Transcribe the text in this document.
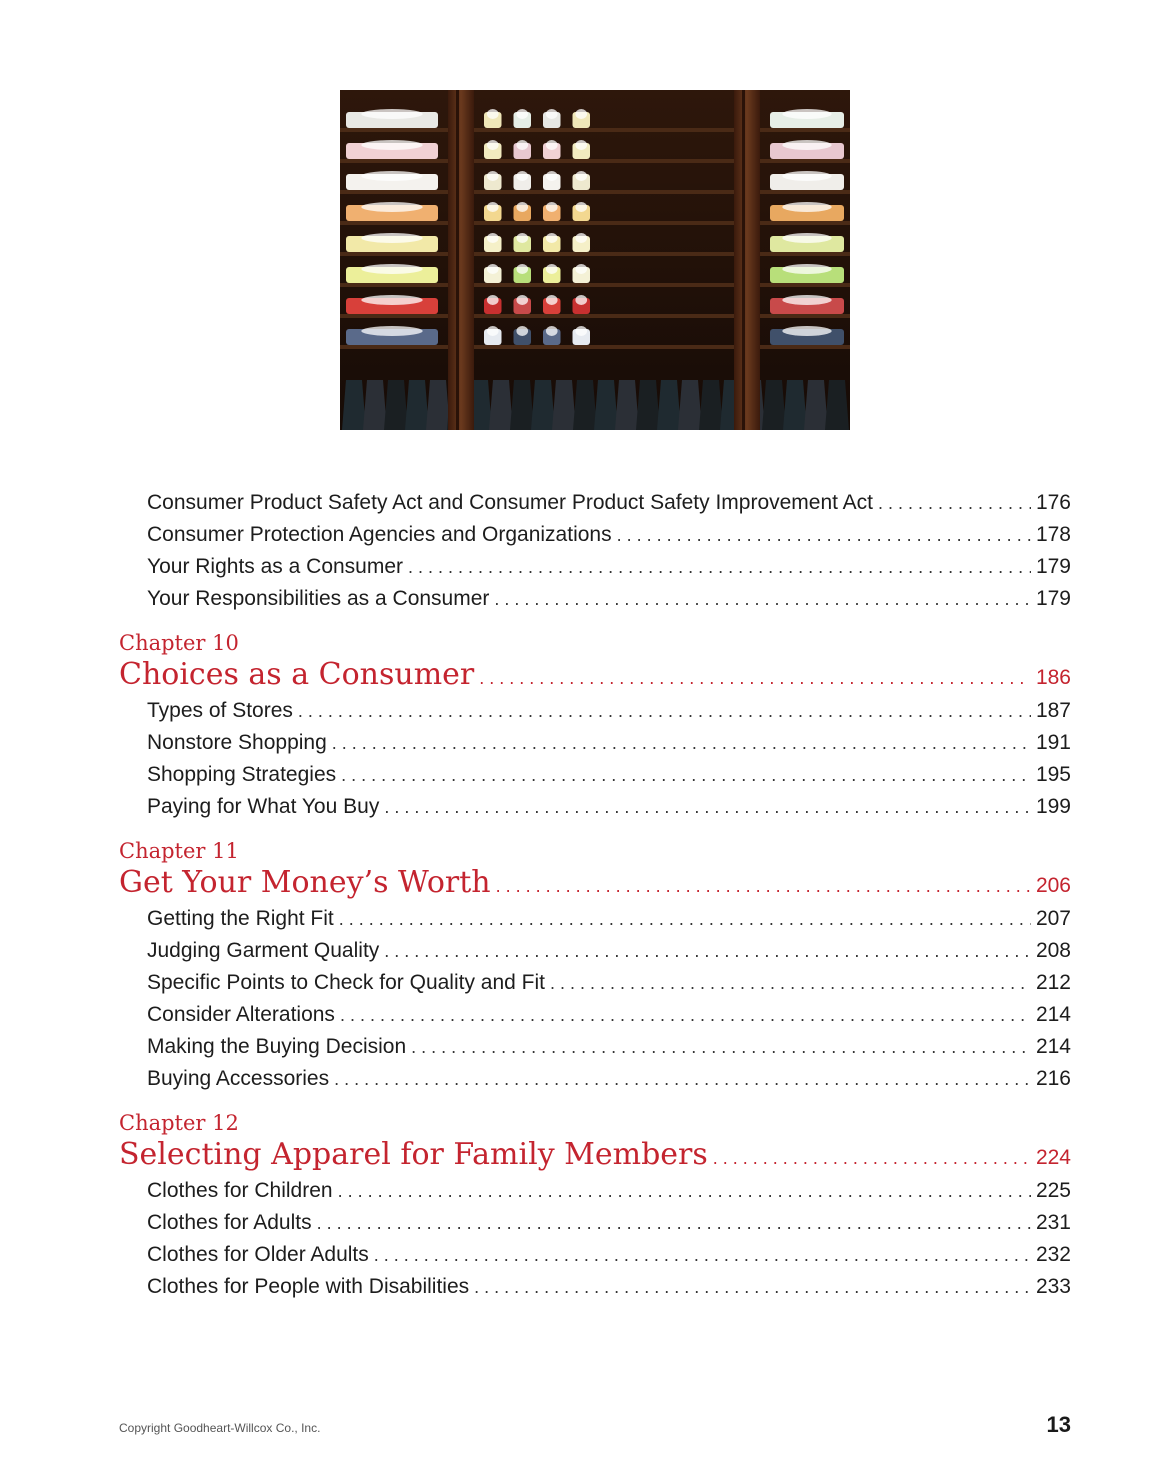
Consumer Product Safety Act and Consumer Product Safety Improvement Act . . .	176
Consumer Protection Agencies and Organizations . . .	178
Your Rights as a Consumer . . .	179
Your Responsibilities as a Consumer . . .	179
Chapter 10
Choices as a Consumer . . .	186
Types of Stores . . .	187
Nonstore Shopping . . .	191
Shopping Strategies . . .	195
Paying for What You Buy . . .	199
Chapter 11
Get Your Money’s Worth . . .	206
Getting the Right Fit . . .	207
Judging Garment Quality . . .	208
Specific Points to Check for Quality and Fit . . .	212
Consider Alterations . . .	214
Making the Buying Decision . . .	214
Buying Accessories . . .	216
Chapter 12
Selecting Apparel for Family Members . . .	224
Clothes for Children . . .	225
Clothes for Adults . . .	231
Clothes for Older Adults . . .	232
Clothes for People with Disabilities . . .	233
Copyright Goodheart-Willcox Co., Inc.	13
